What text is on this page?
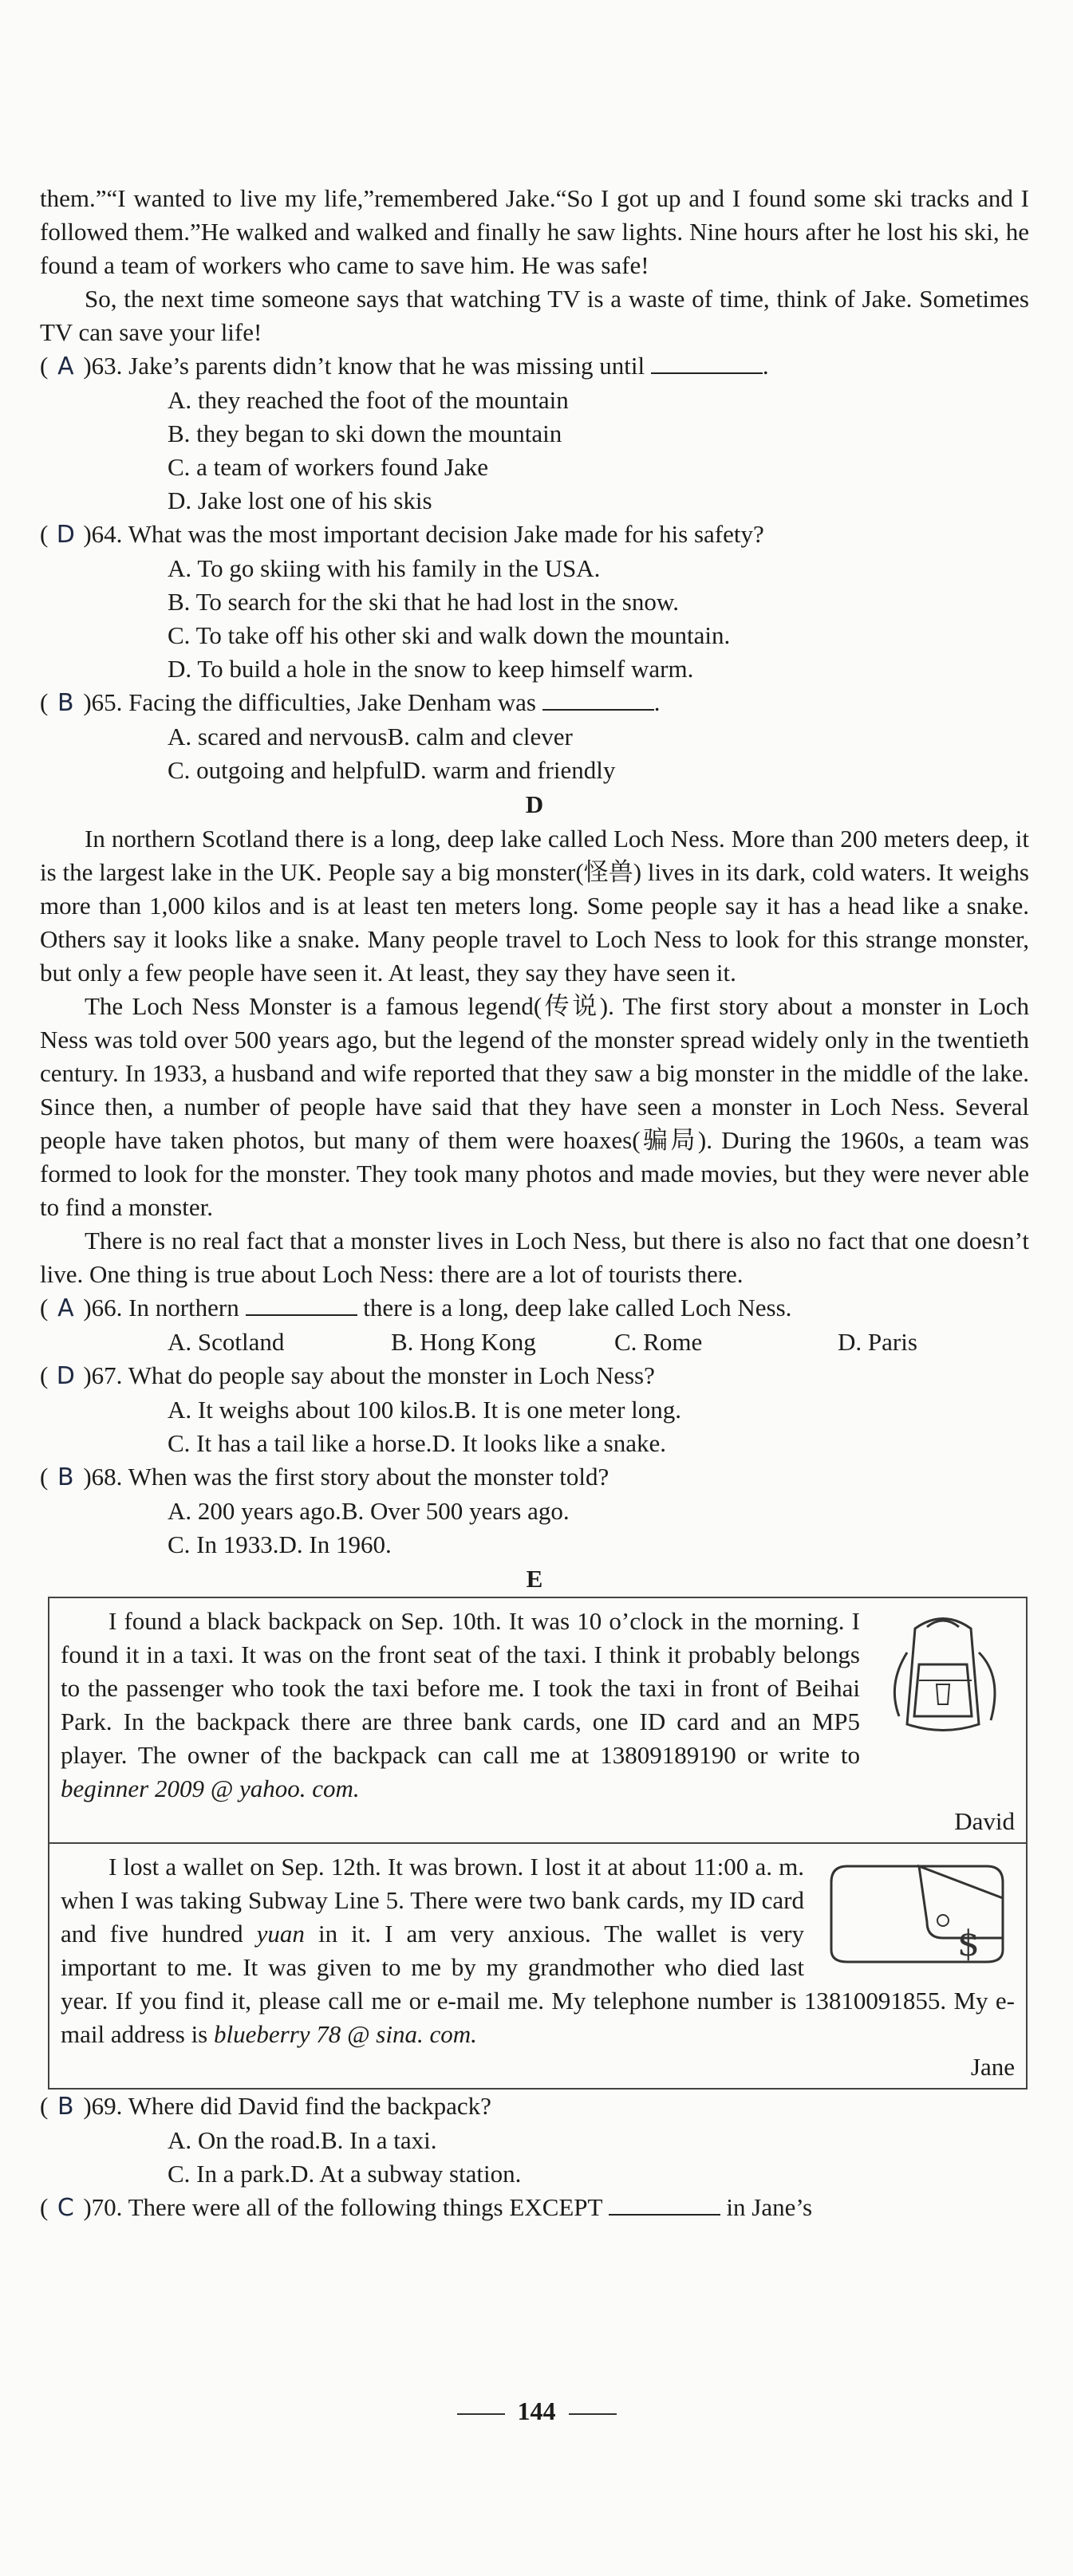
them.”“I wanted to live my life,”remembered Jake.“So I got up and I found some ski tracks and I followed them.”He walked and walked and finally he saw lights. Nine hours after he lost his ski, he found a team of workers who came to save him. He was safe!

So, the next time someone says that watching TV is a waste of time, think of Jake. Sometimes TV can save your life!

( A )63. Jake’s parents didn’t know that he was missing until	.

A. they reached the foot of the mountain
B. they began to ski down the mountain
C. a team of workers found Jake
D. Jake lost one of his skis

( D )64. What was the most important decision Jake made for his safety?

A. To go skiing with his family in the USA.
B. To search for the ski that he had lost in the snow.
C. To take off his other ski and walk down the mountain.
D. To build a hole in the snow to keep himself warm.

( B )65. Facing the difficulties, Jake Denham was	.

A. scared and nervousB. calm and clever
C. outgoing and helpfulD. warm and friendly

D

In northern Scotland there is a long, deep lake called Loch Ness. More than 200 meters deep, it is the largest lake in the UK. People say a big monster(怪兽) lives in its dark, cold waters. It weighs more than 1,000 kilos and is at least ten meters long. Some people say it has a head like a snake. Others say it looks like a snake. Many people travel to Loch Ness to look for this strange monster, but only a few people have seen it. At least, they say they have seen it.

The Loch Ness Monster is a famous legend(传说). The first story about a monster in Loch Ness was told over 500 years ago, but the legend of the monster spread widely only in the twentieth century. In 1933, a husband and wife reported that they saw a big monster in the middle of the lake. Since then, a number of people have said that they have seen a monster in Loch Ness. Several people have taken photos, but many of them were hoaxes(骗局). During the 1960s, a team was formed to look for the monster. They took many photos and made movies, but they were never able to find a monster.

There is no real fact that a monster lives in Loch Ness, but there is also no fact that one doesn’t live. One thing is true about Loch Ness: there are a lot of tourists there.

( A )66. In northern	there is a long, deep lake called Loch Ness.

A. Scotland	B. Hong Kong	C. Rome	D. Paris

( D )67. What do people say about the monster in Loch Ness?

A. It weighs about 100 kilos.B. It is one meter long.
C. It has a tail like a horse.D. It looks like a snake.

( B )68. When was the first story about the monster told?

A. 200 years ago.B. Over 500 years ago.
C. In 1933.D. In 1960.

E

I found a black backpack on Sep. 10th. It was 10 o’clock in the morning. I found it in a taxi. It was on the front seat of the taxi. I think it probably belongs to the passenger who took the taxi before me. I took the taxi in front of Beihai Park. In the backpack there are three bank cards, one ID card and an MP5 player. The owner of the backpack can call me at 13809189190 or write to beginner 2009 @ yahoo. com.

David
$

I lost a wallet on Sep. 12th. It was brown. I lost it at about 11:00 a. m. when I was taking Subway Line 5. There were two bank cards, my ID card and five hundred yuan in it. I am very anxious. The wallet is very important to me. It was given to me by my grandmother who died last year. If you find it, please call me or e-mail me. My telephone number is 13810091855. My e-mail address is blueberry 78 @ sina. com.

Jane

( B )69. Where did David find the backpack?

A. On the road.B. In a taxi.
C. In a park.D. At a subway station.

( C )70. There were all of the following things EXCEPT	in Jane’s

144
